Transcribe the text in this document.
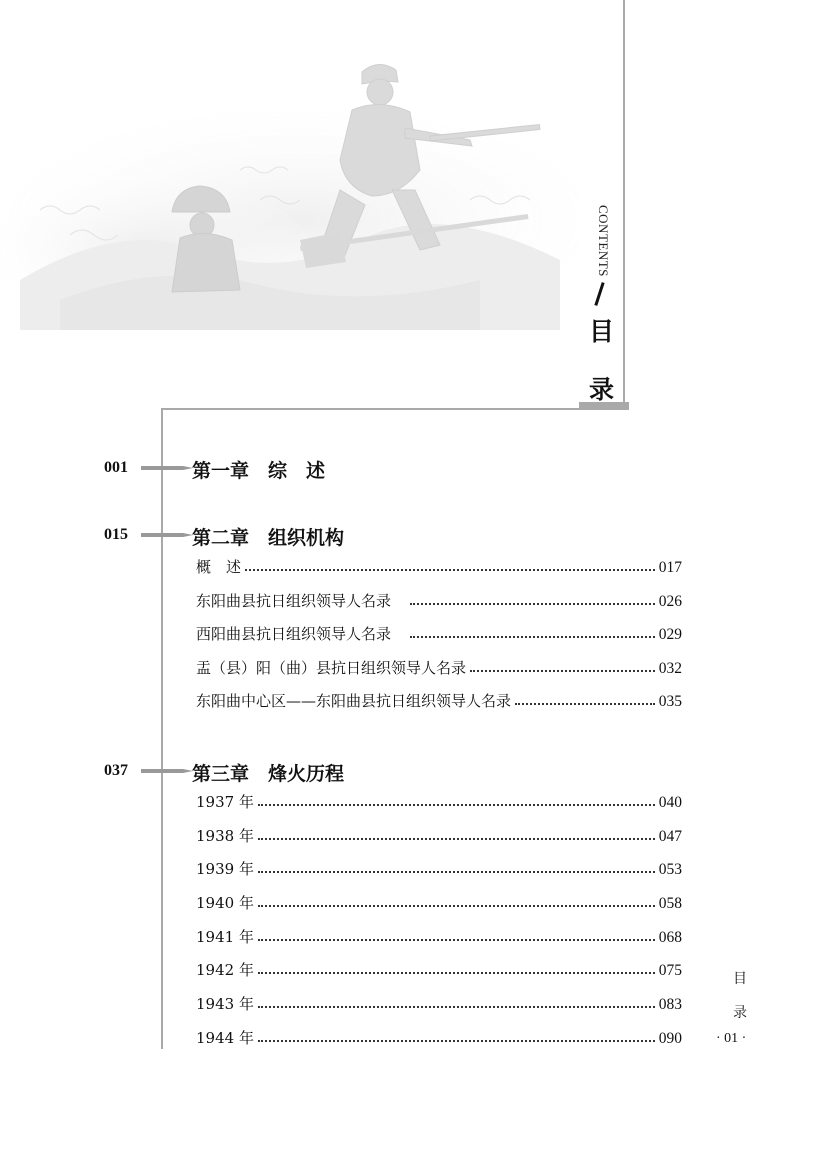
CONTENTS
目
录
001	第一章　综　述
015	第二章　组织机构
概　述	017
东阳曲县抗日组织领导人名录　	026
西阳曲县抗日组织领导人名录　	029
盂（县）阳（曲）县抗日组织领导人名录	032
东阳曲中心区——东阳曲县抗日组织领导人名录	035
037	第三章　烽火历程
1937 年	040
1938 年	047
1939 年	053
1940 年	058
1941 年	068
1942 年	075
1943 年	083
1944 年	090
目
录
· 01 ·
